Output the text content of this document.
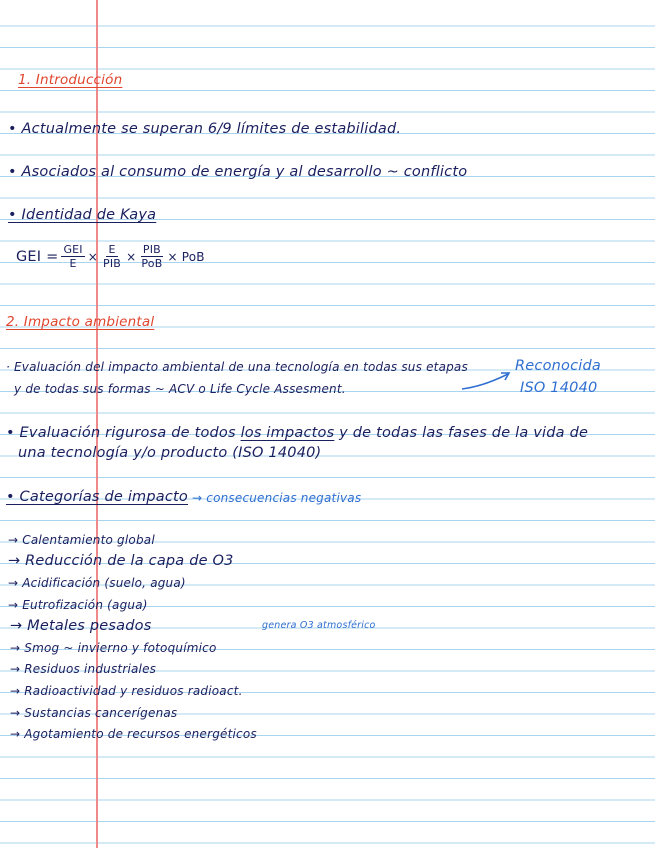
1. Introducción
• Actualmente se superan 6/9 límites de estabilidad.
• Asociados al consumo de energía y al desarrollo ~ conflicto
• Identidad de Kaya
GEI = $\frac{\text{GEI}}{E} \times \frac{E}{\text{PIB}} \times \frac{\text{PIB}}{\text{PoB}}$ × PoB
2. Impacto ambiental
· Evaluación del impacto ambiental de una tecnología en todas sus etapas
y de todas sus formas ~ ACV o Life Cycle Assesment.
Reconocida
ISO 14040
• Evaluación rigurosa de todos los impactos y de todas las fases de la vida de
una tecnología y/o producto (ISO 14040)
• Categorías de impacto → consecuencias negativas
→ Calentamiento global
→ Reducción de la capa de O3
→ Acidificación (suelo, agua)
→ Eutrofización (agua)
→ Metales pesados	genera O3 atmosférico
→ Smog ~ invierno y fotoquímico
→ Residuos industriales
→ Radioactividad y residuos radioact.
→ Sustancias cancerígenas
→ Agotamiento de recursos energéticos
